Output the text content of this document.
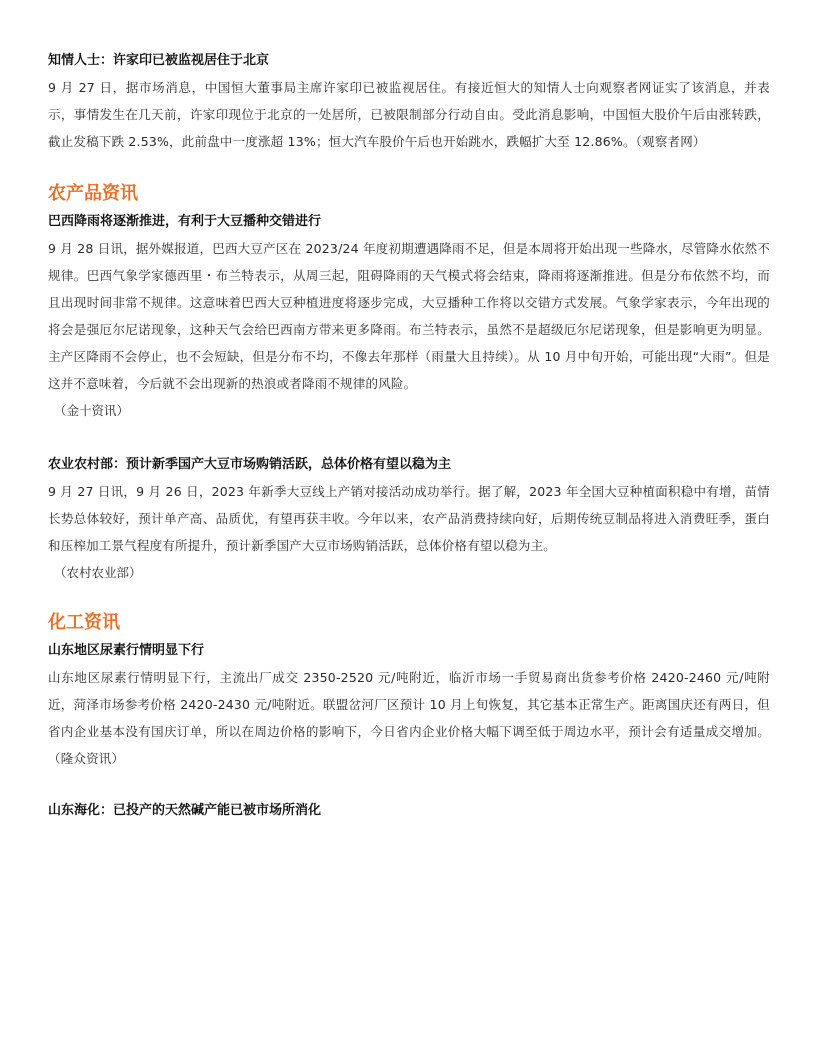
知情人士：许家印已被监视居住于北京

9 月 27 日，据市场消息，中国恒大董事局主席许家印已被监视居住。有接近恒大的知情人士向观察者网证实了该消息，并表示，事情发生在几天前，许家印现位于北京的一处居所，已被限制部分行动自由。受此消息影响，中国恒大股价午后由涨转跌，截止发稿下跌 2.53%，此前盘中一度涨超 13%；恒大汽车股价午后也开始跳水，跌幅扩大至 12.86%。（观察者网）

农产品资讯

巴西降雨将逐渐推进，有利于大豆播种交错进行

9 月 28 日讯，据外媒报道，巴西大豆产区在 2023/24 年度初期遭遇降雨不足，但是本周将开始出现一些降水，尽管降水依然不规律。巴西气象学家德西里・布兰特表示，从周三起，阻碍降雨的天气模式将会结束，降雨将逐渐推进。但是分布依然不均，而且出现时间非常不规律。这意味着巴西大豆种植进度将逐步完成，大豆播种工作将以交错方式发展。气象学家表示，今年出现的将会是强厄尔尼诺现象，这种天气会给巴西南方带来更多降雨。布兰特表示，虽然不是超级厄尔尼诺现象，但是影响更为明显。主产区降雨不会停止，也不会短缺，但是分布不均，不像去年那样（雨量大且持续）。从 10 月中旬开始，可能出现“大雨”。但是这并不意味着，今后就不会出现新的热浪或者降雨不规律的风险。

（金十资讯）

农业农村部：预计新季国产大豆市场购销活跃，总体价格有望以稳为主

9 月 27 日讯，9 月 26 日，2023 年新季大豆线上产销对接活动成功举行。据了解，2023 年全国大豆种植面积稳中有增，苗情长势总体较好，预计单产高、品质优，有望再获丰收。今年以来，农产品消费持续向好，后期传统豆制品将进入消费旺季，蛋白和压榨加工景气程度有所提升，预计新季国产大豆市场购销活跃，总体价格有望以稳为主。

（农村农业部）

化工资讯

山东地区尿素行情明显下行

山东地区尿素行情明显下行，主流出厂成交 2350-2520 元/吨附近，临沂市场一手贸易商出货参考价格 2420-2460 元/吨附近，菏泽市场参考价格 2420-2430 元/吨附近。联盟岔河厂区预计 10 月上旬恢复，其它基本正常生产。距离国庆还有两日，但省内企业基本没有国庆订单，所以在周边价格的影响下，今日省内企业价格大幅下调至低于周边水平，预计会有适量成交增加。（隆众资讯）

山东海化：已投产的天然碱产能已被市场所消化
